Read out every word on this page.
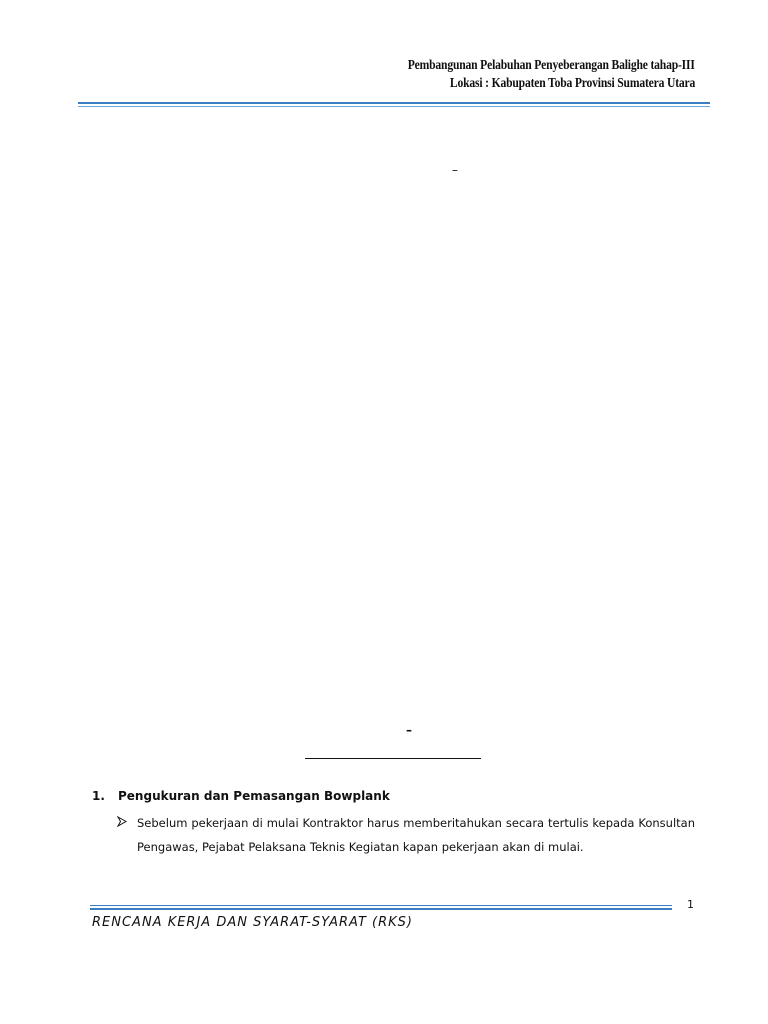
Pembangunan Pelabuhan Penyeberangan Balighe tahap-III
Lokasi : Kabupaten Toba Provinsi Sumatera Utara
–
–
1. Pengukuran dan Pemasangan Bowplank
Sebelum pekerjaan di mulai Kontraktor harus memberitahukan secara tertulis kepada Konsultan Pengawas, Pejabat Pelaksana Teknis Kegiatan kapan pekerjaan akan di mulai.
1
RENCANA KERJA DAN SYARAT-SYARAT (RKS)
